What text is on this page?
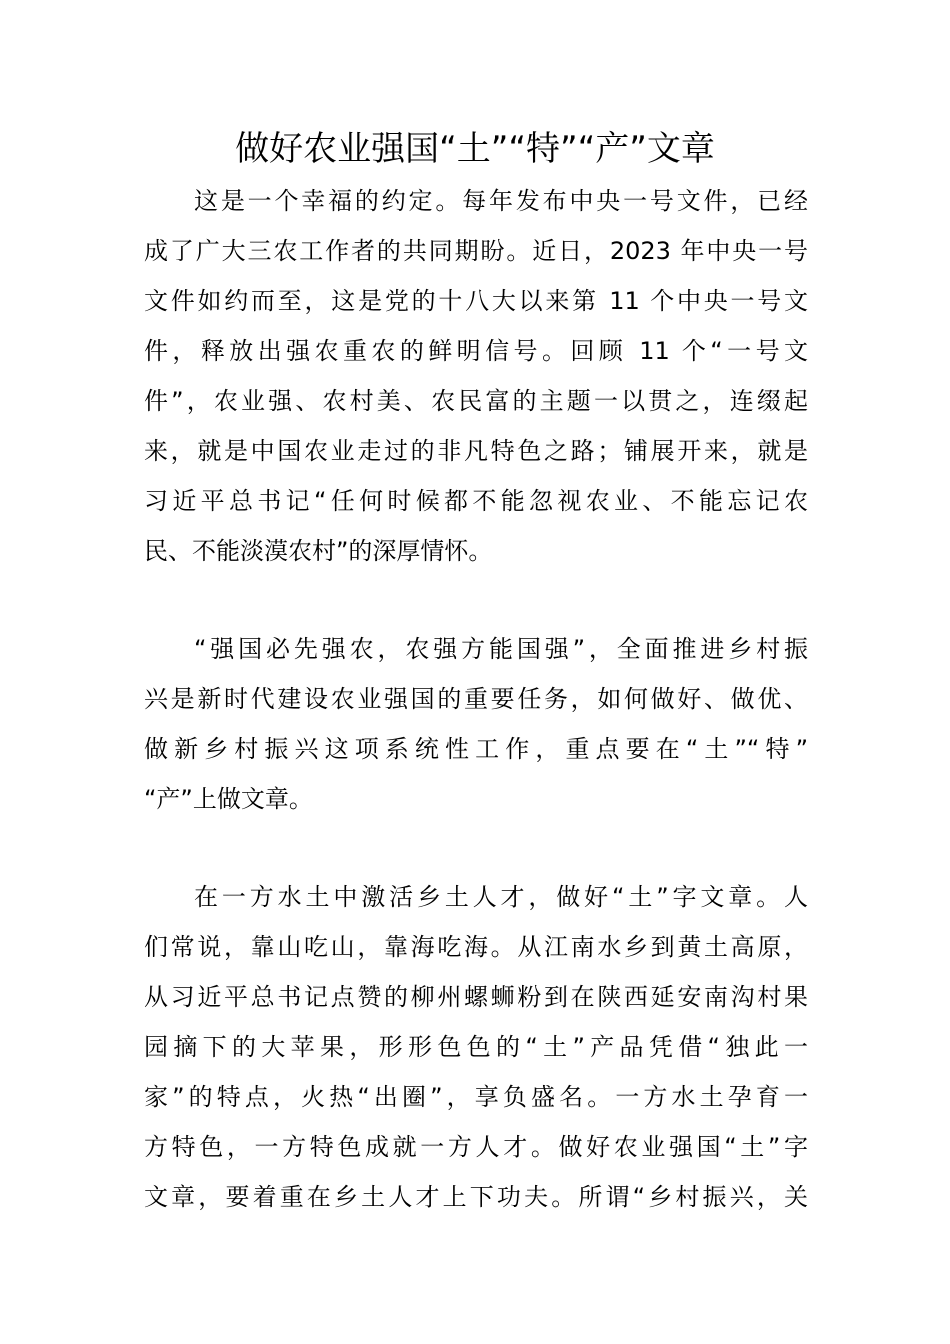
做好农业强国“土”“特”“产”文章
这是一个幸福的约定。每年发布中央一号文件，已经
成了广大三农工作者的共同期盼。近日，2023 年中央一号
文件如约而至，这是党的十八大以来第 11 个中央一号文
件，释放出强农重农的鲜明信号。回顾 11 个“一号文
件”，农业强、农村美、农民富的主题一以贯之，连缀起
来，就是中国农业走过的非凡特色之路；铺展开来，就是
习近平总书记“任何时候都不能忽视农业、不能忘记农
民、不能淡漠农村”的深厚情怀。
“强国必先强农，农强方能国强”，全面推进乡村振
兴是新时代建设农业强国的重要任务，如何做好、做优、
做新乡村振兴这项系统性工作，重点要在“土”“特”
“产”上做文章。
在一方水土中激活乡土人才，做好“土”字文章。人
们常说，靠山吃山，靠海吃海。从江南水乡到黄土高原，
从习近平总书记点赞的柳州螺蛳粉到在陕西延安南沟村果
园摘下的大苹果，形形色色的“土”产品凭借“独此一
家”的特点，火热“出圈”，享负盛名。一方水土孕育一
方特色，一方特色成就一方人才。做好农业强国“土”字
文章，要着重在乡土人才上下功夫。所谓“乡村振兴，关
